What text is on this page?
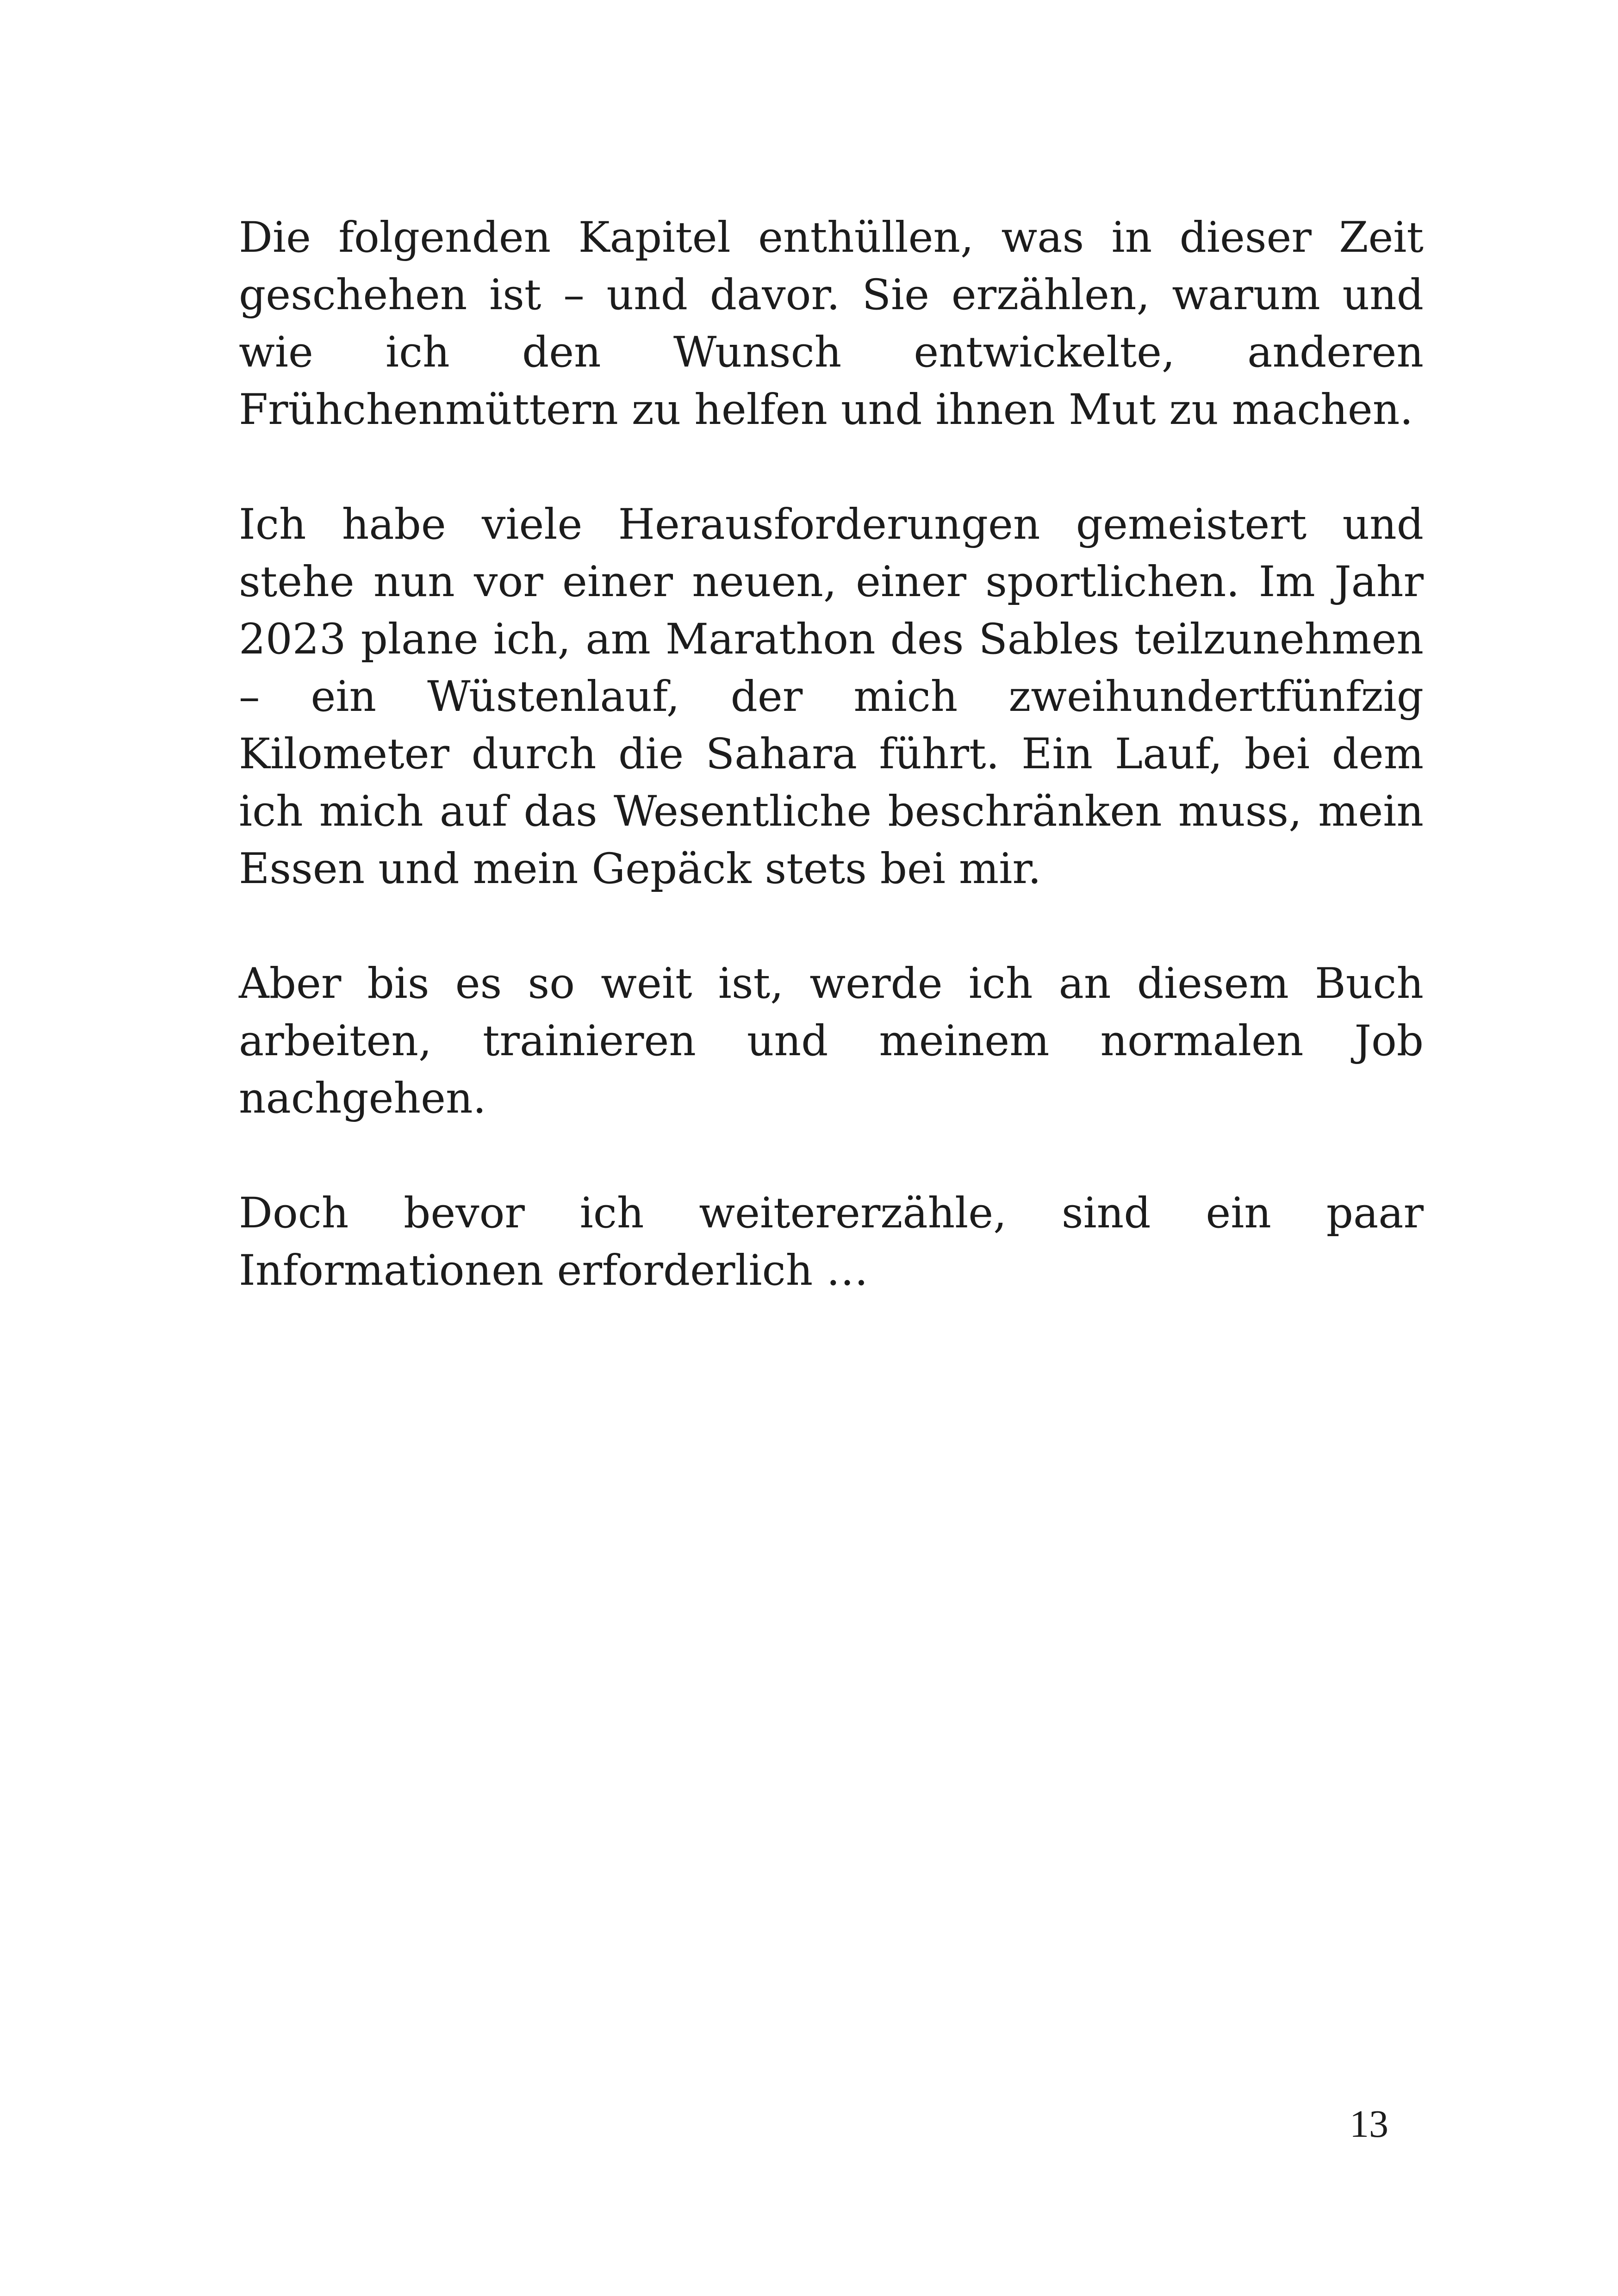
Die folgenden Kapitel enthüllen, was in dieser Zeit geschehen ist – und davor. Sie erzählen, warum und wie ich den Wunsch entwickelte, anderen Frühchenmüttern zu helfen und ihnen Mut zu machen.

Ich habe viele Herausforderungen gemeistert und stehe nun vor einer neuen, einer sportlichen. Im Jahr 2023 plane ich, am Marathon des Sables teilzunehmen – ein Wüstenlauf, der mich zweihundertfünfzig Kilometer durch die Sahara führt. Ein Lauf, bei dem ich mich auf das Wesentliche beschränken muss, mein Essen und mein Gepäck stets bei mir.

Aber bis es so weit ist, werde ich an diesem Buch arbeiten, trainieren und meinem normalen Job nachgehen.

Doch bevor ich weitererzähle, sind ein paar Informationen erforderlich …

13
